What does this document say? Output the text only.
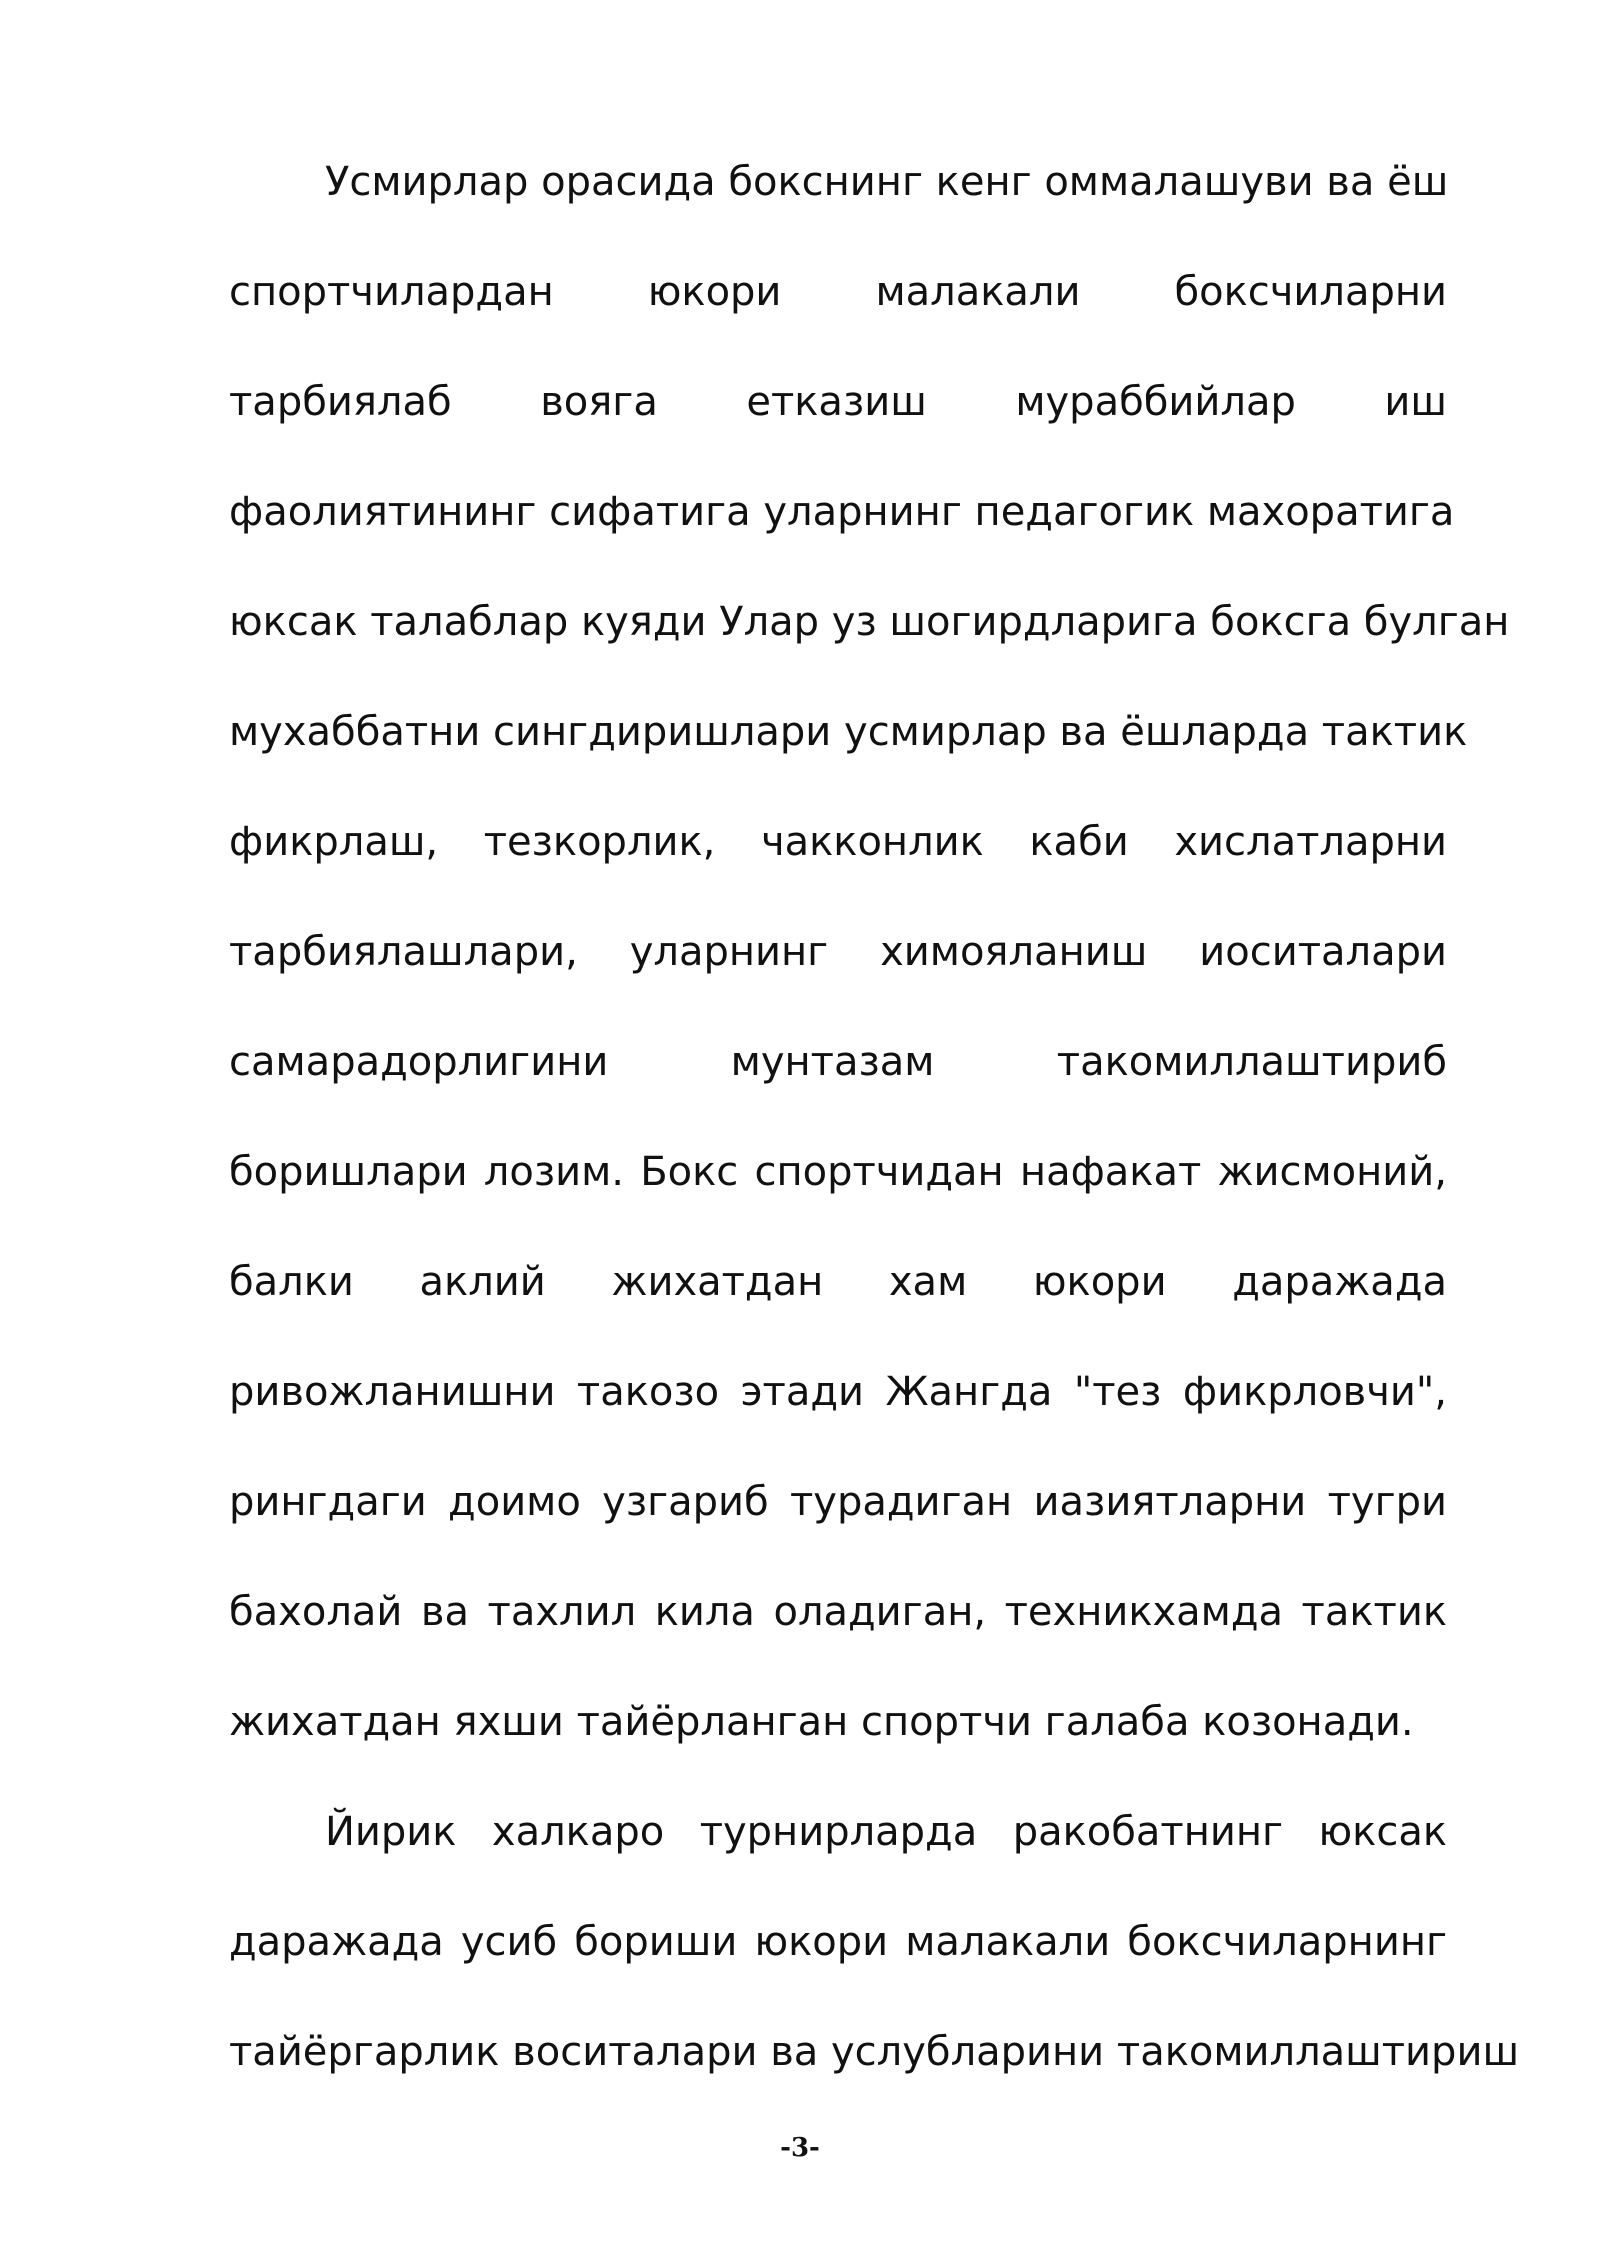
Усмирлар орасида бокснинг кенг оммалашуви ва ёш
спортчилардан юкори малакали боксчиларни
тарбиялаб вояга етказиш мураббийлар иш
фаолиятининг сифатига уларнинг педагогик махоратига
юксак талаблар куяди Улар уз шогирдларига боксга булган
мухаббатни сингдиришлари усмирлар ва ёшларда тактик
фикрлаш, тезкорлик, чакконлик каби хислатларни
тарбиялашлари, уларнинг химояланиш иоситалари
самарадорлигини мунтазам такомиллаштириб
боришлари лозим. Бокс спортчидан нафакат жисмоний,
балки аклий жихатдан хам юкори даражада
ривожланишни такозо этади Жангда "тез фикрловчи",
рингдаги доимо узгариб турадиган иазиятларни тугри
бахолай ва тахлил кила оладиган, техникхамда тактик
жихатдан яхши тайёрланган спортчи галаба козонади.
Йирик халкаро турнирларда ракобатнинг юксак
даражада усиб бориши юкори малакали боксчиларнинг
тайёргарлик воситалари ва услубларини такомиллаштириш
-3-
